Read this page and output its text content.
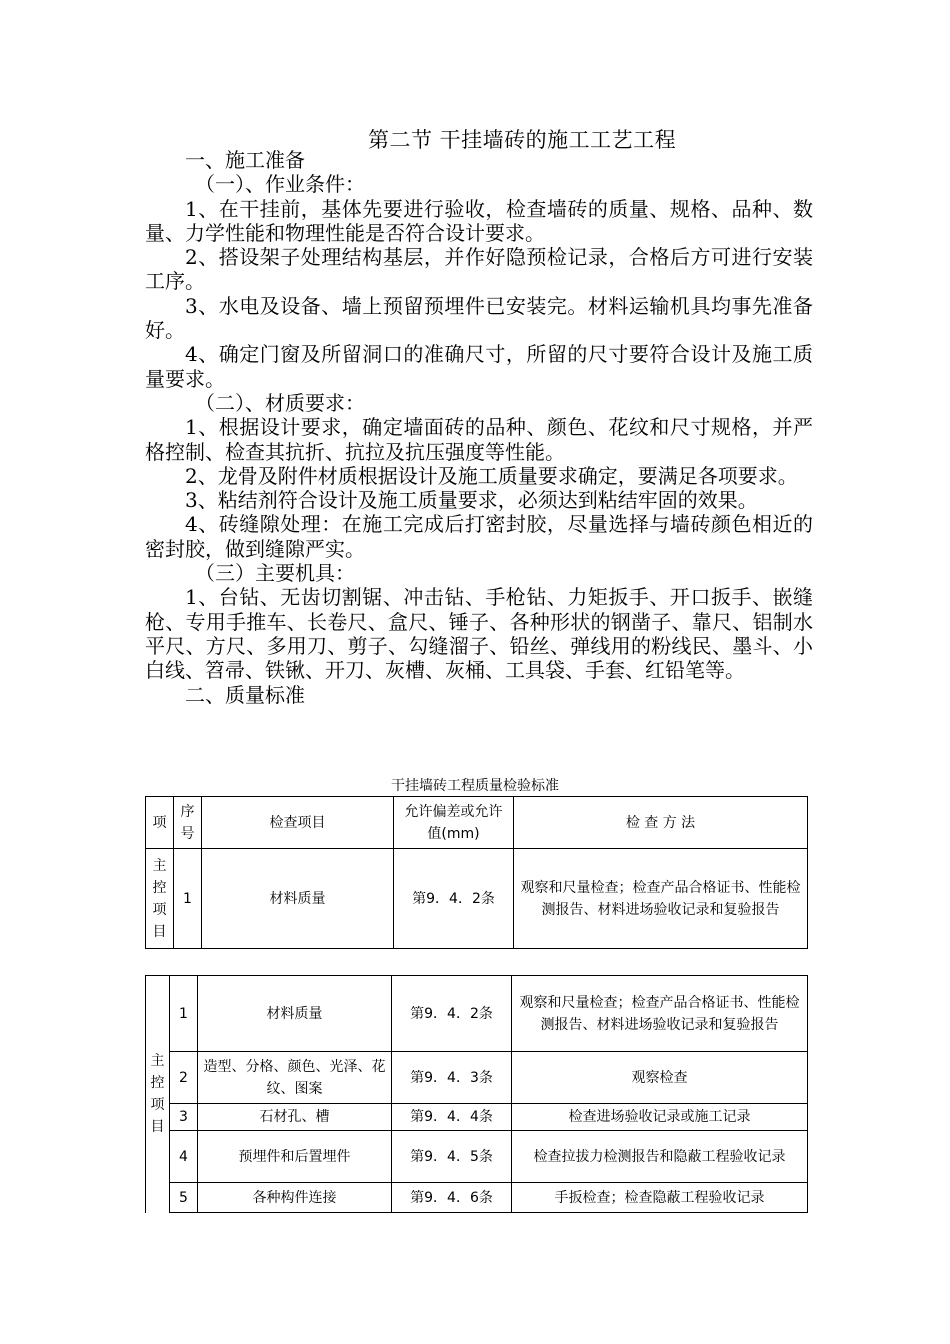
第二节 干挂墙砖的施工工艺工程

一、施工准备

（一）、作业条件：

1、在干挂前，基体先要进行验收，检查墙砖的质量、规格、品种、数量、力学性能和物理性能是否符合设计要求。

2、搭设架子处理结构基层，并作好隐预检记录，合格后方可进行安装工序。

3、水电及设备、墙上预留预埋件已安装完。材料运输机具均事先准备好。

4、确定门窗及所留洞口的准确尺寸，所留的尺寸要符合设计及施工质量要求。

（二）、材质要求：

1、根据设计要求，确定墙面砖的品种、颜色、花纹和尺寸规格，并严格控制、检查其抗折、抗拉及抗压强度等性能。

2、龙骨及附件材质根据设计及施工质量要求确定，要满足各项要求。

3、粘结剂符合设计及施工质量要求，必须达到粘结牢固的效果。

4、砖缝隙处理：在施工完成后打密封胶，尽量选择与墙砖颜色相近的密封胶，做到缝隙严实。

（三）主要机具：

1、台钻、无齿切割锯、冲击钻、手枪钻、力矩扳手、开口扳手、嵌缝枪、专用手推车、长卷尺、盒尺、锤子、各种形状的钢凿子、靠尺、铝制水平尺、方尺、多用刀、剪子、勾缝溜子、铅丝、弹线用的粉线民、墨斗、小白线、笤帚、铁锹、开刀、灰槽、灰桶、工具袋、手套、红铅笔等。

二、质量标准

干挂墙砖工程质量检验标准
项	序号	检查项目	允许偏差或允许值(mm)	检 查 方 法
主控项目	1	材料质量	第9．4．2条	观察和尺量检查；检查产品合格证书、性能检测报告、材料进场验收记录和复验报告
主控项目	1	材料质量	第9．4．2条	观察和尺量检查；检查产品合格证书、性能检测报告、材料进场验收记录和复验报告
	2	造型、分格、颜色、光泽、花纹、图案	第9．4．3条	观察检查
	3	石材孔、槽	第9．4．4条	检查进场验收记录或施工记录
	4	预埋件和后置埋件	第9．4．5条	检查拉拔力检测报告和隐蔽工程验收记录
	5	各种构件连接	第9．4．6条	手扳检查；检查隐蔽工程验收记录
